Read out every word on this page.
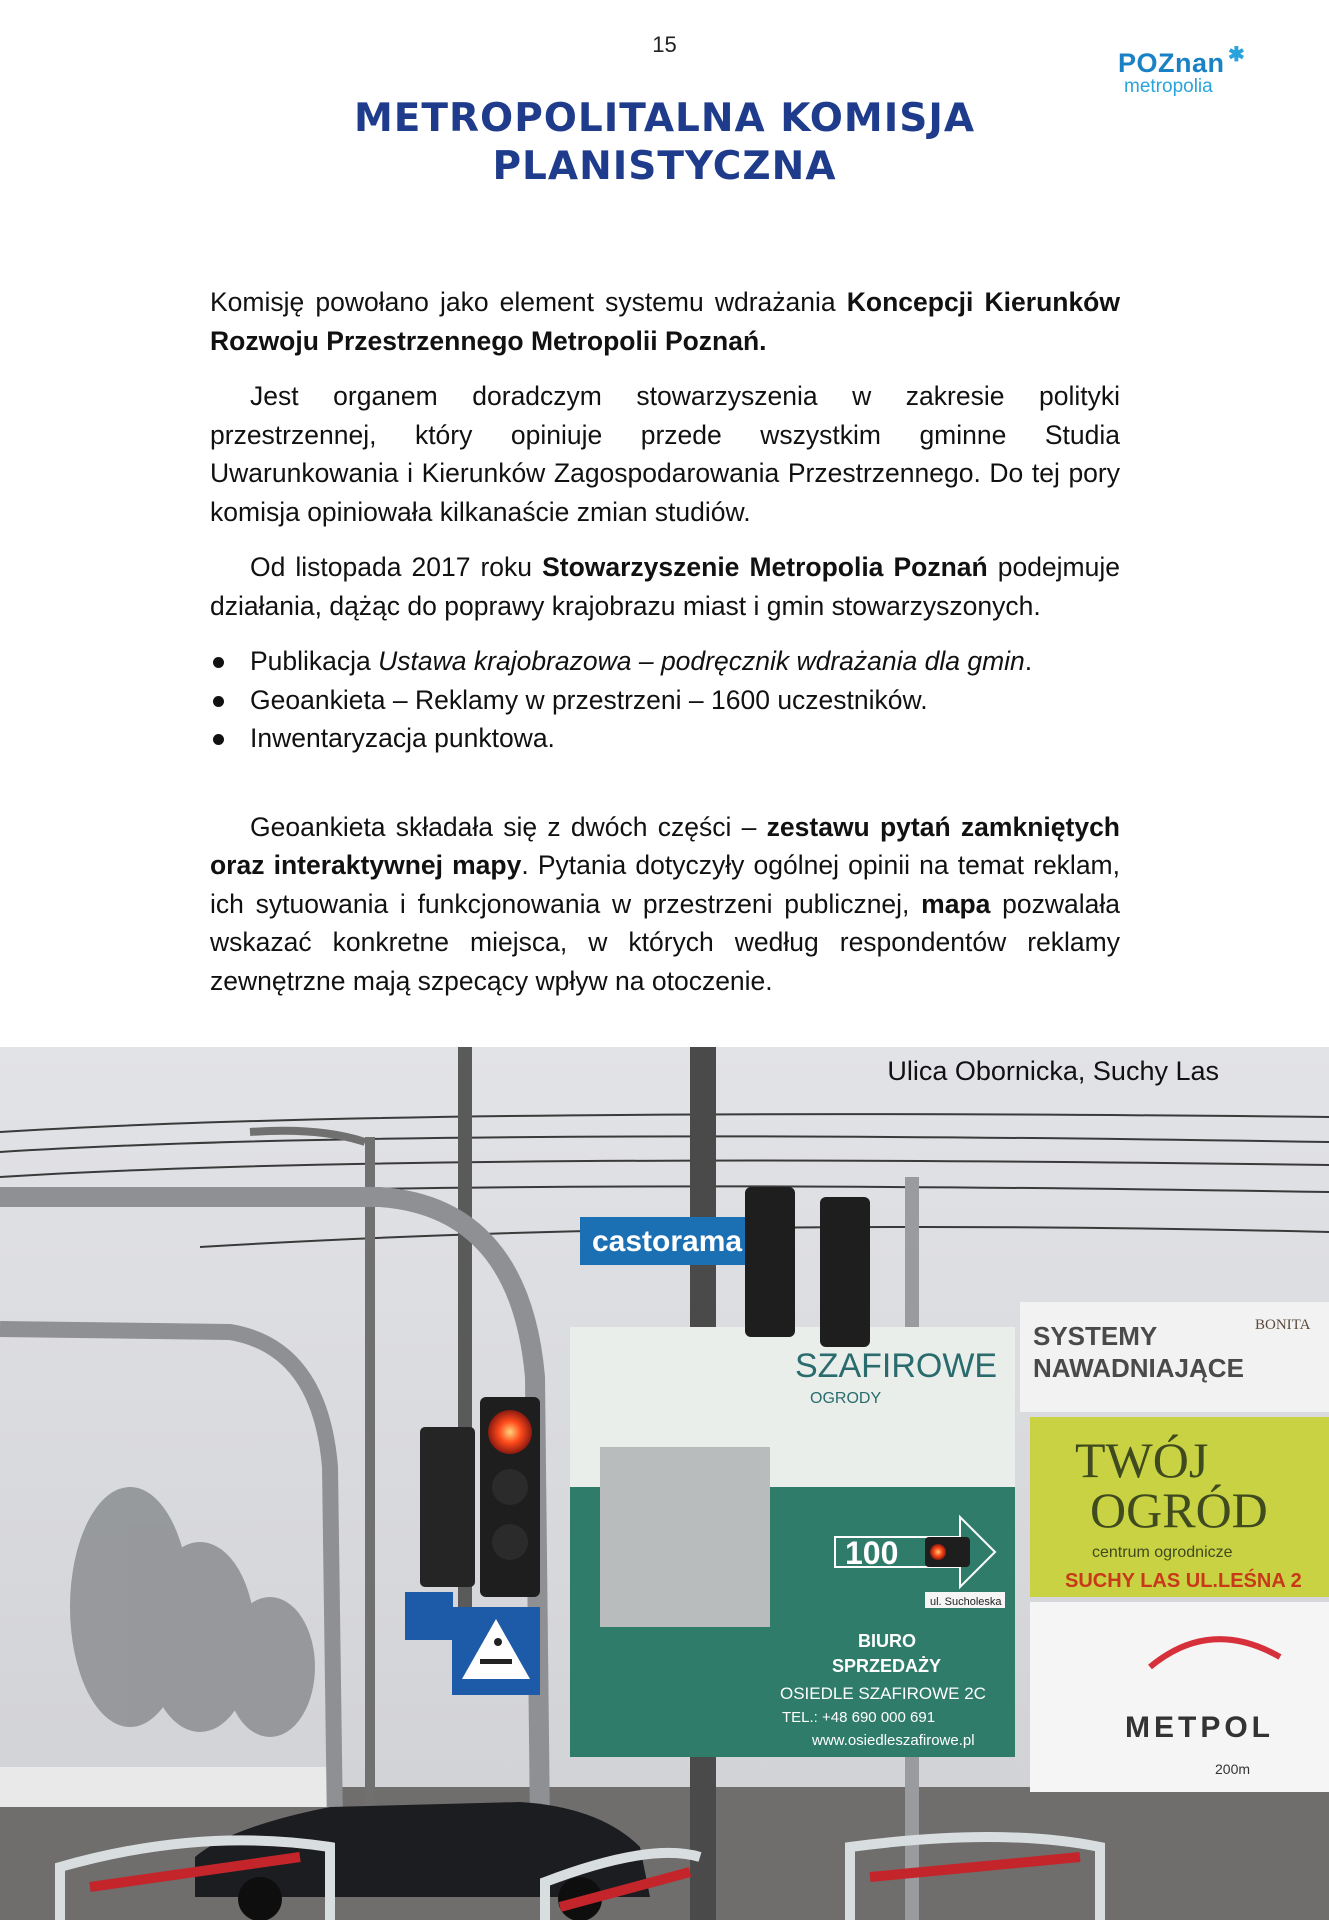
15
POZnan ✱
metropolia
METROPOLITALNA KOMISJA
PLANISTYCZNA

Komisję powołano jako element systemu wdrażania Koncepcji Kierunków Rozwoju Przestrzennego Metropolii Poznań.

Jest organem doradczym stowarzyszenia w zakresie polityki przestrzennej, który opiniuje przede wszystkim gminne Studia Uwarunkowania i Kierunków Zagospodarowania Przestrzennego. Do tej pory komisja opiniowała kilkanaście zmian studiów.

Od listopada 2017 roku Stowarzyszenie Metropolia Poznań podejmuje działania, dążąc do poprawy krajobrazu miast i gmin stowarzyszonych.

Publikacja Ustawa krajobrazowa – podręcznik wdrażania dla gmin.
Geoankieta – Reklamy w przestrzeni – 1600 uczestników.
Inwentaryzacja punktowa.

Geoankieta składała się z dwóch części – zestawu pytań zamkniętych oraz interaktywnej mapy. Pytania dotyczyły ogólnej opinii na temat reklam, ich sytuowania i funkcjonowania w przestrzeni publicznej, mapa pozwalała wskazać konkretne miejsca, w których według respondentów reklamy zewnętrzne mają szpecący wpływ na otoczenie.

castorama
SZAFIROWE
OGRODY
100
BIURO
SPRZEDAŻY
OSIEDLE SZAFIROWE 2C
TEL.: +48 690 000 691
www.osiedleszafirowe.pl
SYSTEMY
NAWADNIAJĄCE
BONITA
TWÓJ
OGRÓD
centrum ogrodnicze
SUCHY LAS UL.LEŚNA 2
METPOL
200m
ul. Sucholeska
Ulica Obornicka, Suchy Las
